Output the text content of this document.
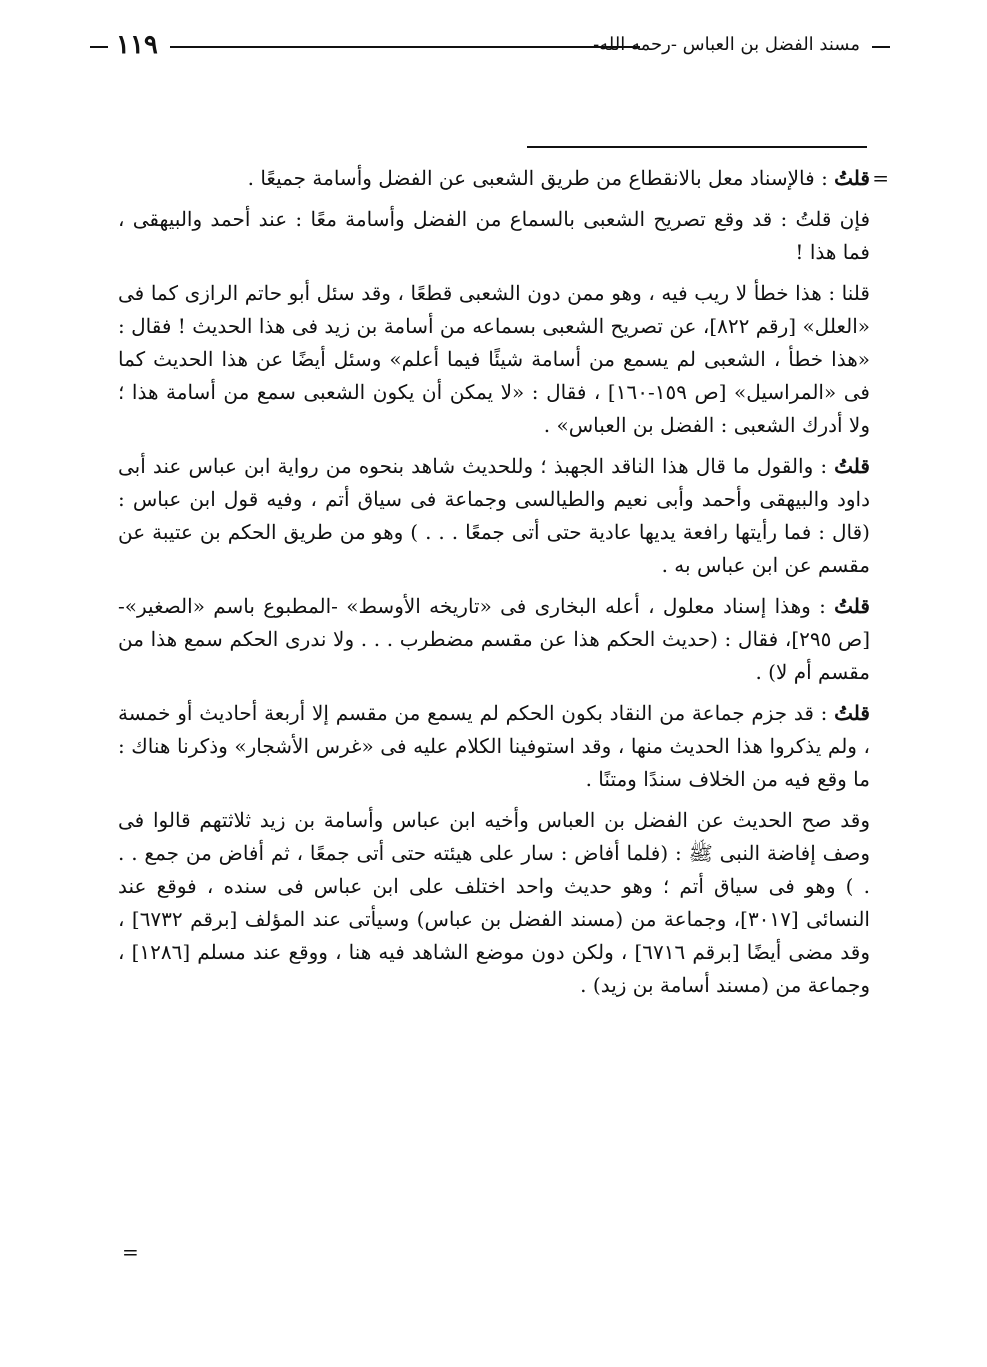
١١٩	مسند الفضل بن العباس -رحمه الله-
=

قلتُ : فالإسناد معل بالانقطاع من طريق الشعبى عن الفضل وأسامة جميعًا .

فإن قلتُ : قد وقع تصريح الشعبى بالسماع من الفضل وأسامة معًا : عند أحمد والبيهقى ، فما هذا !

قلنا : هذا خطأ لا ريب فيه ، وهو ممن دون الشعبى قطعًا ، وقد سئل أبو حاتم الرازى كما فى «العلل» [رقم ٨٢٢]، عن تصريح الشعبى بسماعه من أسامة بن زيد فى هذا الحديث ! فقال : «هذا خطأ ، الشعبى لم يسمع من أسامة شيئًا فيما أعلم» وسئل أيضًا عن هذا الحديث كما فى «المراسيل» [ص ١٥٩-١٦٠] ، فقال : «لا يمكن أن يكون الشعبى سمع من أسامة هذا ؛ ولا أدرك الشعبى : الفضل بن العباس» .

قلتُ : والقول ما قال هذا الناقد الجهبذ ؛ وللحديث شاهد بنحوه من رواية ابن عباس عند أبى داود والبيهقى وأحمد وأبى نعيم والطيالسى وجماعة فى سياق أتم ، وفيه قول ابن عباس : (قال : فما رأيتها رافعة يديها عادية حتى أتى جمعًا . . . ) وهو من طريق الحكم بن عتيبة عن مقسم عن ابن عباس به .

قلتُ : وهذا إسناد معلول ، أعله البخارى فى «تاريخه الأوسط» -المطبوع باسم «الصغير»- [ص ٢٩٥]، فقال : (حديث الحكم هذا عن مقسم مضطرب . . . ولا ندرى الحكم سمع هذا من مقسم أم لا) .

قلتُ : قد جزم جماعة من النقاد بكون الحكم لم يسمع من مقسم إلا أربعة أحاديث أو خمسة ، ولم يذكروا هذا الحديث منها ، وقد استوفينا الكلام عليه فى «غرس الأشجار» وذكرنا هناك : ما وقع فيه من الخلاف سندًا ومتنًا .

وقد صح الحديث عن الفضل بن العباس وأخيه ابن عباس وأسامة بن زيد ثلاثتهم قالوا فى وصف إفاضة النبى ﷺ : (فلما أفاض : سار على هيئته حتى أتى جمعًا ، ثم أفاض من جمع . . . ) وهو فى سياق أتم ؛ وهو حديث واحد اختلف على ابن عباس فى سنده ، فوقع عند النسائى [٣٠١٧]، وجماعة من (مسند الفضل بن عباس) وسيأتى عند المؤلف [برقم ٦٧٣٢] ، وقد مضى أيضًا [برقم ٦٧١٦] ، ولكن دون موضع الشاهد فيه هنا ، ووقع عند مسلم [١٢٨٦] ، وجماعة من (مسند أسامة بن زيد) .

=
